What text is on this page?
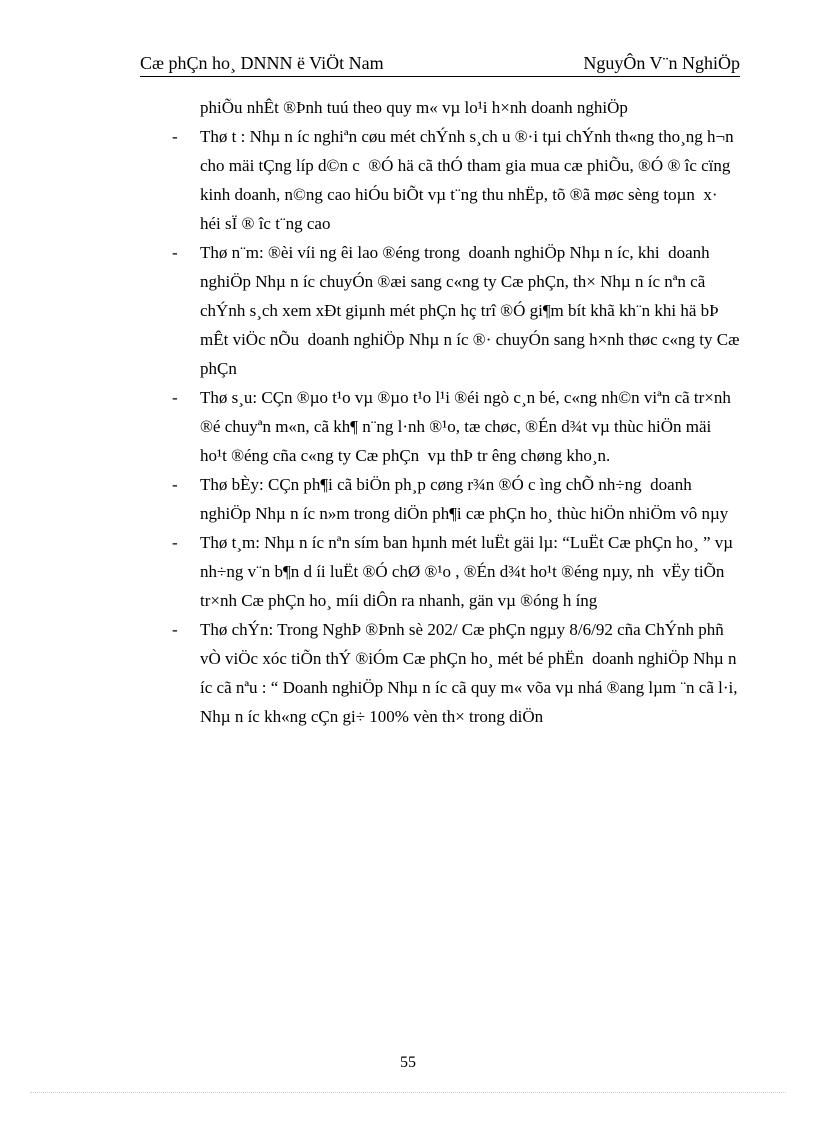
Cæ phÇn ho¸ DNNN ë ViÖt Nam	NguyÔn V¨n NghiÖp
phiÕu nhÊt ®Þnh tuú theo quy m« vµ lo¹i h×nh doanh nghiÖp
-	Thø t : Nhµ n íc nghiªn cøu mét chÝnh s¸ch u ®·i tµi chÝnh th«ng tho¸ng h¬n cho mäi tÇng líp d©n c  ®Ó hä cã thÓ tham gia mua cæ phiÕu, ®Ó ® îc cïng kinh doanh, n©ng cao hiÓu biÕt vµ t¨ng thu nhËp, tõ ®ã møc sèng toµn  x· héi sÏ ® îc t¨ng cao
-	Thø n¨m: ®èi víi ng êi lao ®éng trong  doanh nghiÖp Nhµ n íc, khi  doanh nghiÖp Nhµ n íc chuyÓn ®æi sang c«ng ty Cæ phÇn, th× Nhµ n íc nªn cã chÝnh s¸ch xem xÐt giµnh mét phÇn hç trî ®Ó gi¶m bít khã kh¨n khi hä bÞ mÊt viÖc nÕu  doanh nghiÖp Nhµ n íc ®· chuyÓn sang h×nh thøc c«ng ty Cæ phÇn
-	Thø s¸u: CÇn ®µo t¹o vµ ®µo t¹o l¹i ®éi ngò c¸n bé, c«ng nh©n viªn cã tr×nh ®é chuyªn m«n, cã kh¶ n¨ng l·nh ®¹o, tæ chøc, ®Én d¾t vµ thùc hiÖn mäi ho¹t ®éng cña c«ng ty Cæ phÇn  vµ thÞ tr êng chøng kho¸n.
-	Thø bÈy: CÇn ph¶i cã biÖn ph¸p cøng r¾n ®Ó c ìng chÕ nh÷ng  doanh nghiÖp Nhµ n íc n»m trong diÖn ph¶i cæ phÇn ho¸ thùc hiÖn nhiÖm vô nµy
-	Thø t¸m: Nhµ n íc nªn sím ban hµnh mét luËt gäi lµ: “LuËt Cæ phÇn ho¸ ” vµ nh÷ng v¨n b¶n d íi luËt ®Ó chØ ®¹o , ®Én d¾t ho¹t ®éng nµy, nh  vËy tiÕn tr×nh Cæ phÇn ho¸ míi diÔn ra nhanh, gän vµ ®óng h íng
-	Thø chÝn: Trong NghÞ ®Þnh sè 202/ Cæ phÇn ngµy 8/6/92 cña ChÝnh phñ vÒ viÖc xóc tiÕn thÝ ®iÓm Cæ phÇn ho¸ mét bé phËn  doanh nghiÖp Nhµ n íc cã nªu : “ Doanh nghiÖp Nhµ n íc cã quy m« võa vµ nhá ®ang lµm ¨n cã l·i, Nhµ n íc kh«ng cÇn gi÷ 100% vèn th× trong diÖn
55
